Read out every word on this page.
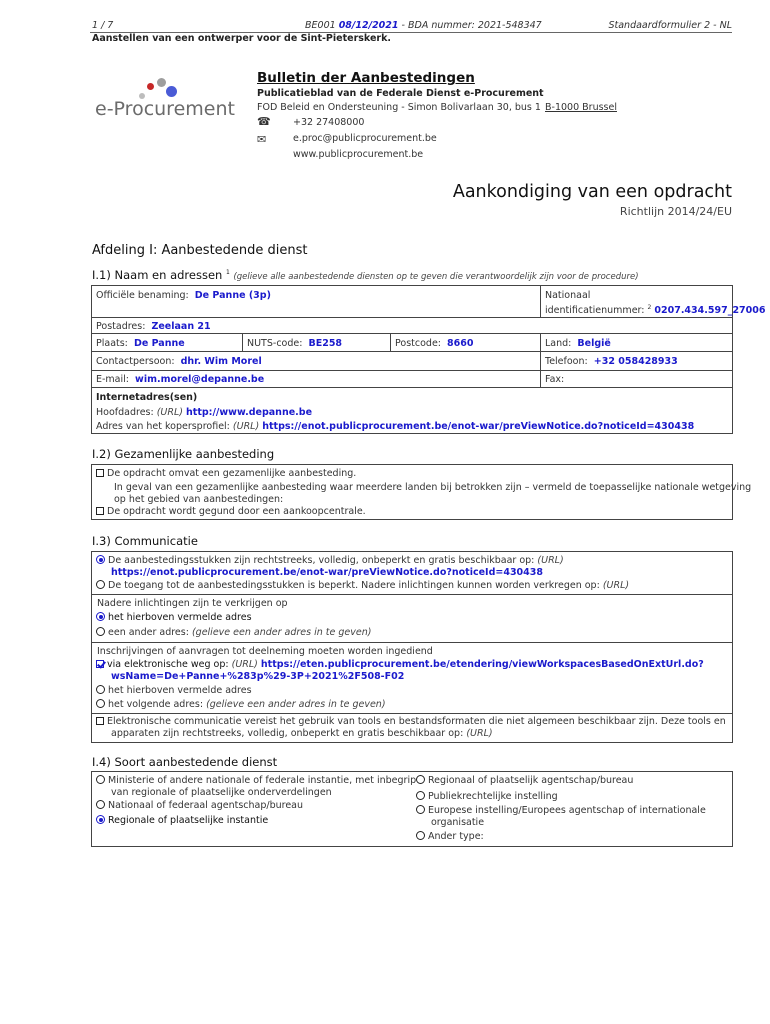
1 / 7	BE001 08/12/2021 - BDA nummer: 2021-548347	Standaardformulier 2 - NL
Aanstellen van een ontwerper voor de Sint-Pieterskerk.
e-Procurement
Bulletin der Aanbestedingen
Publicatieblad van de Federale Dienst e-Procurement
FOD Beleid en Ondersteuning - Simon Bolivarlaan 30, bus 1 B-1000 Brussel
☎ +32 27408000
✉	e.proc@publicprocurement.be
www.publicprocurement.be
Aankondiging van een opdracht
Richtlijn 2014/24/EU
Afdeling I: Aanbestedende dienst
I.1) Naam en adressen $^1$ (gelieve alle aanbestedende diensten op te geven die verantwoordelijk zijn voor de procedure)
Officiële benaming: De Panne (3p)	Nationaal
identificatienummer: $^2$ 0207.434.597_27006
Postadres: Zeelaan 21
Plaats: De Panne	NUTS-code: BE258	Postcode: 8660	Land: België
Contactpersoon: dhr. Wim Morel	Telefoon: +32 058428933
E-mail: wim.morel@depanne.be	Fax:
Internetadres(sen)
Hoofdadres: (URL) http://www.depanne.be
Adres van het kopersprofiel: (URL) https://enot.publicprocurement.be/enot-war/preViewNotice.do?noticeId=430438
I.2) Gezamenlijke aanbesteding
De opdracht omvat een gezamenlijke aanbesteding.
In geval van een gezamenlijke aanbesteding waar meerdere landen bij betrokken zijn – vermeld de toepasselijke nationale wetgeving
op het gebied van aanbestedingen:
De opdracht wordt gegund door een aankoopcentrale.
I.3) Communicatie
De aanbestedingsstukken zijn rechtstreeks, volledig, onbeperkt en gratis beschikbaar op: (URL)
https://enot.publicprocurement.be/enot-war/preViewNotice.do?noticeId=430438
De toegang tot de aanbestedingsstukken is beperkt. Nadere inlichtingen kunnen worden verkregen op: (URL)
Nadere inlichtingen zijn te verkrijgen op
het hierboven vermelde adres
een ander adres: (gelieve een ander adres in te geven)
Inschrijvingen of aanvragen tot deelneming moeten worden ingediend
via elektronische weg op: (URL) https://eten.publicprocurement.be/etendering/viewWorkspacesBasedOnExtUrl.do?
wsName=De+Panne+%283p%29-3P+2021%2F508-F02
het hierboven vermelde adres
het volgende adres: (gelieve een ander adres in te geven)
Elektronische communicatie vereist het gebruik van tools en bestandsformaten die niet algemeen beschikbaar zijn. Deze tools en
apparaten zijn rechtstreeks, volledig, onbeperkt en gratis beschikbaar op: (URL)
I.4) Soort aanbestedende dienst
Ministerie of andere nationale of federale instantie, met inbegrip
van regionale of plaatselijke onderverdelingen
Nationaal of federaal agentschap/bureau
Regionale of plaatselijke instantie
Regionaal of plaatselijk agentschap/bureau
Publiekrechtelijke instelling
Europese instelling/Europees agentschap of internationale
organisatie
Ander type:
